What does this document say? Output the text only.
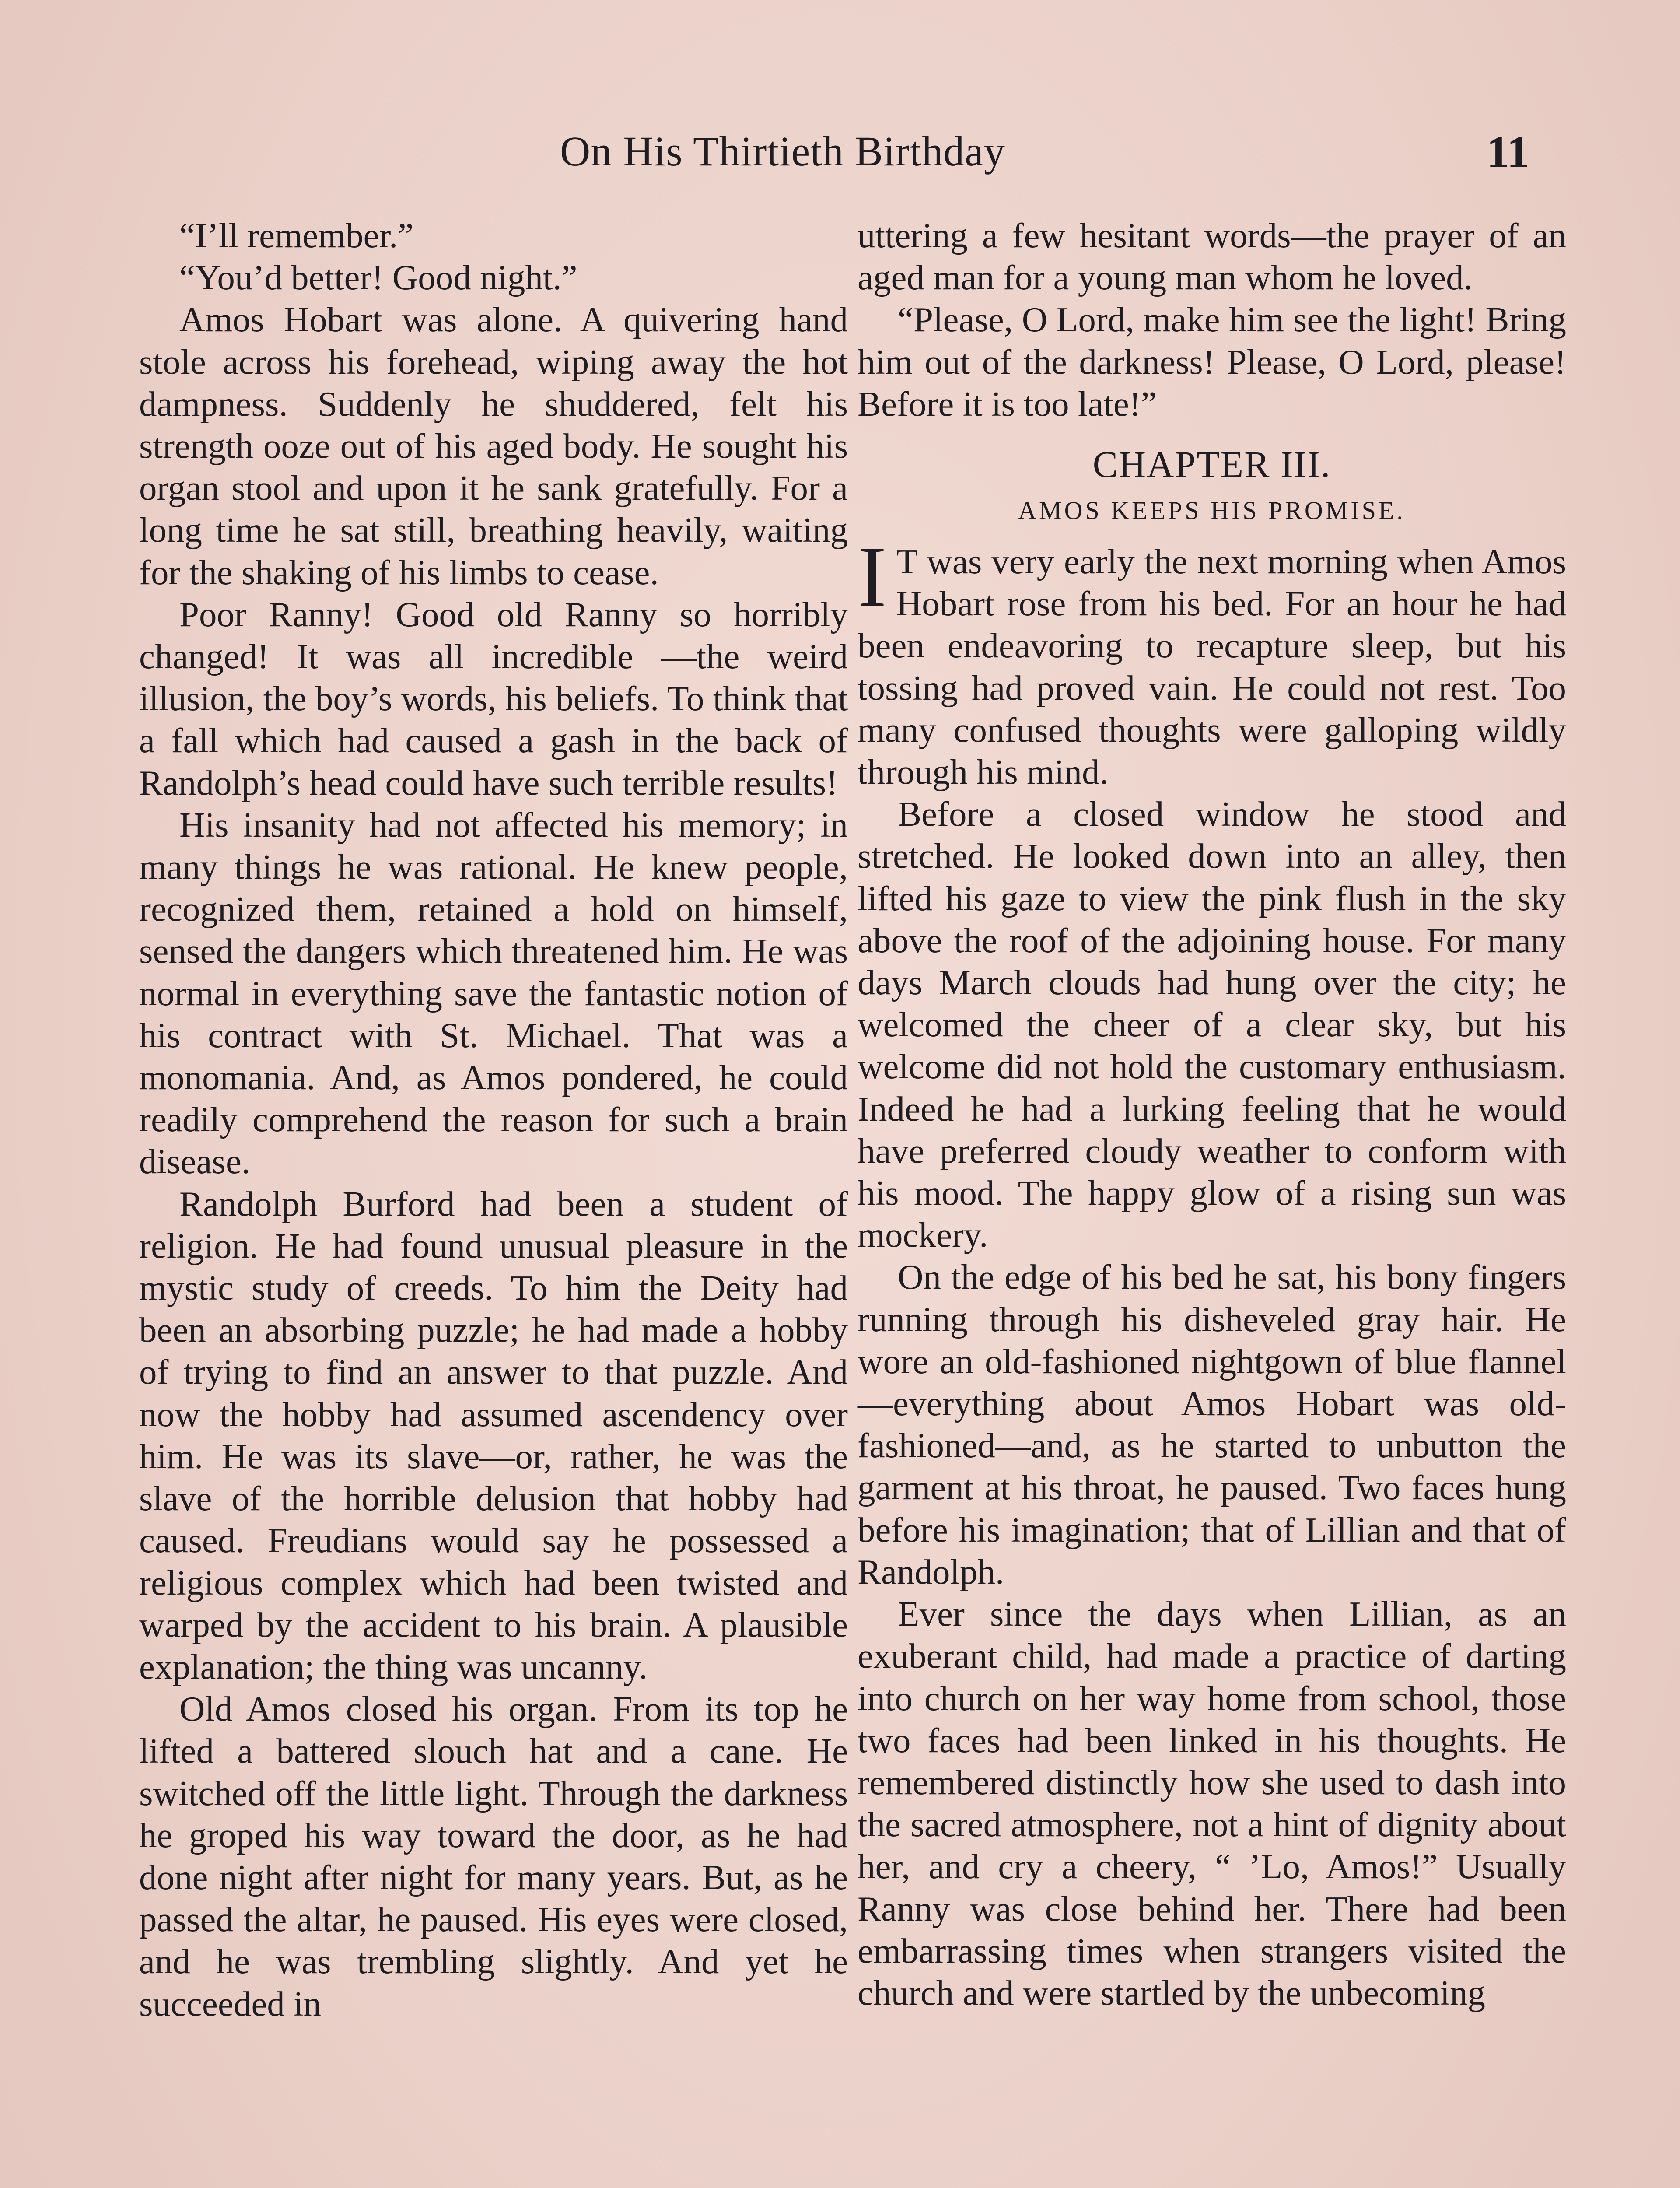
On His Thirtieth Birthday	11

“I’ll remember.”

“You’d better! Good night.”

Amos Hobart was alone. A quivering hand stole across his forehead, wiping away the hot dampness. Suddenly he shuddered, felt his strength ooze out of his aged body. He sought his organ stool and upon it he sank gratefully. For a long time he sat still, breathing heavily, waiting for the shaking of his limbs to cease.

Poor Ranny! Good old Ranny so horribly changed! It was all incredible —the weird illusion, the boy’s words, his beliefs. To think that a fall which had caused a gash in the back of Randolph’s head could have such terrible results!

His insanity had not affected his memory; in many things he was rational. He knew people, recognized them, retained a hold on himself, sensed the dangers which threatened him. He was normal in everything save the fantastic notion of his contract with St. Michael. That was a monomania. And, as Amos pondered, he could readily comprehend the reason for such a brain disease.

Randolph Burford had been a student of religion. He had found unusual pleasure in the mystic study of creeds. To him the Deity had been an absorbing puzzle; he had made a hobby of trying to find an answer to that puzzle. And now the hobby had assumed ascendency over him. He was its slave—or, rather, he was the slave of the horrible delusion that hobby had caused. Freudians would say he possessed a religious complex which had been twisted and warped by the accident to his brain. A plausible explanation; the thing was uncanny.

Old Amos closed his organ. From its top he lifted a battered slouch hat and a cane. He switched off the little light. Through the darkness he groped his way toward the door, as he had done night after night for many years. But, as he passed the altar, he paused. His eyes were closed, and he was trembling slightly. And yet he succeeded in

uttering a few hesitant words—the prayer of an aged man for a young man whom he loved.

“Please, O Lord, make him see the light! Bring him out of the darkness! Please, O Lord, please! Before it is too late!”

CHAPTER III.
AMOS KEEPS HIS PROMISE.

I T was very early the next morning when Amos Hobart rose from his bed. For an hour he had been endeavoring to recapture sleep, but his tossing had proved vain. He could not rest. Too many confused thoughts were galloping wildly through his mind.

Before a closed window he stood and stretched. He looked down into an alley, then lifted his gaze to view the pink flush in the sky above the roof of the adjoining house. For many days March clouds had hung over the city; he welcomed the cheer of a clear sky, but his welcome did not hold the customary enthusiasm. Indeed he had a lurking feeling that he would have preferred cloudy weather to conform with his mood. The happy glow of a rising sun was mockery.

On the edge of his bed he sat, his bony fingers running through his disheveled gray hair. He wore an old-fashioned nightgown of blue flannel—everything about Amos Hobart was old-fashioned—and, as he started to unbutton the garment at his throat, he paused. Two faces hung before his imagination; that of Lillian and that of Randolph.

Ever since the days when Lillian, as an exuberant child, had made a practice of darting into church on her way home from school, those two faces had been linked in his thoughts. He remembered distinctly how she used to dash into the sacred atmosphere, not a hint of dignity about her, and cry a cheery, “ ’Lo, Amos!” Usually Ranny was close behind her. There had been embarrassing times when strangers visited the church and were startled by the unbecoming
